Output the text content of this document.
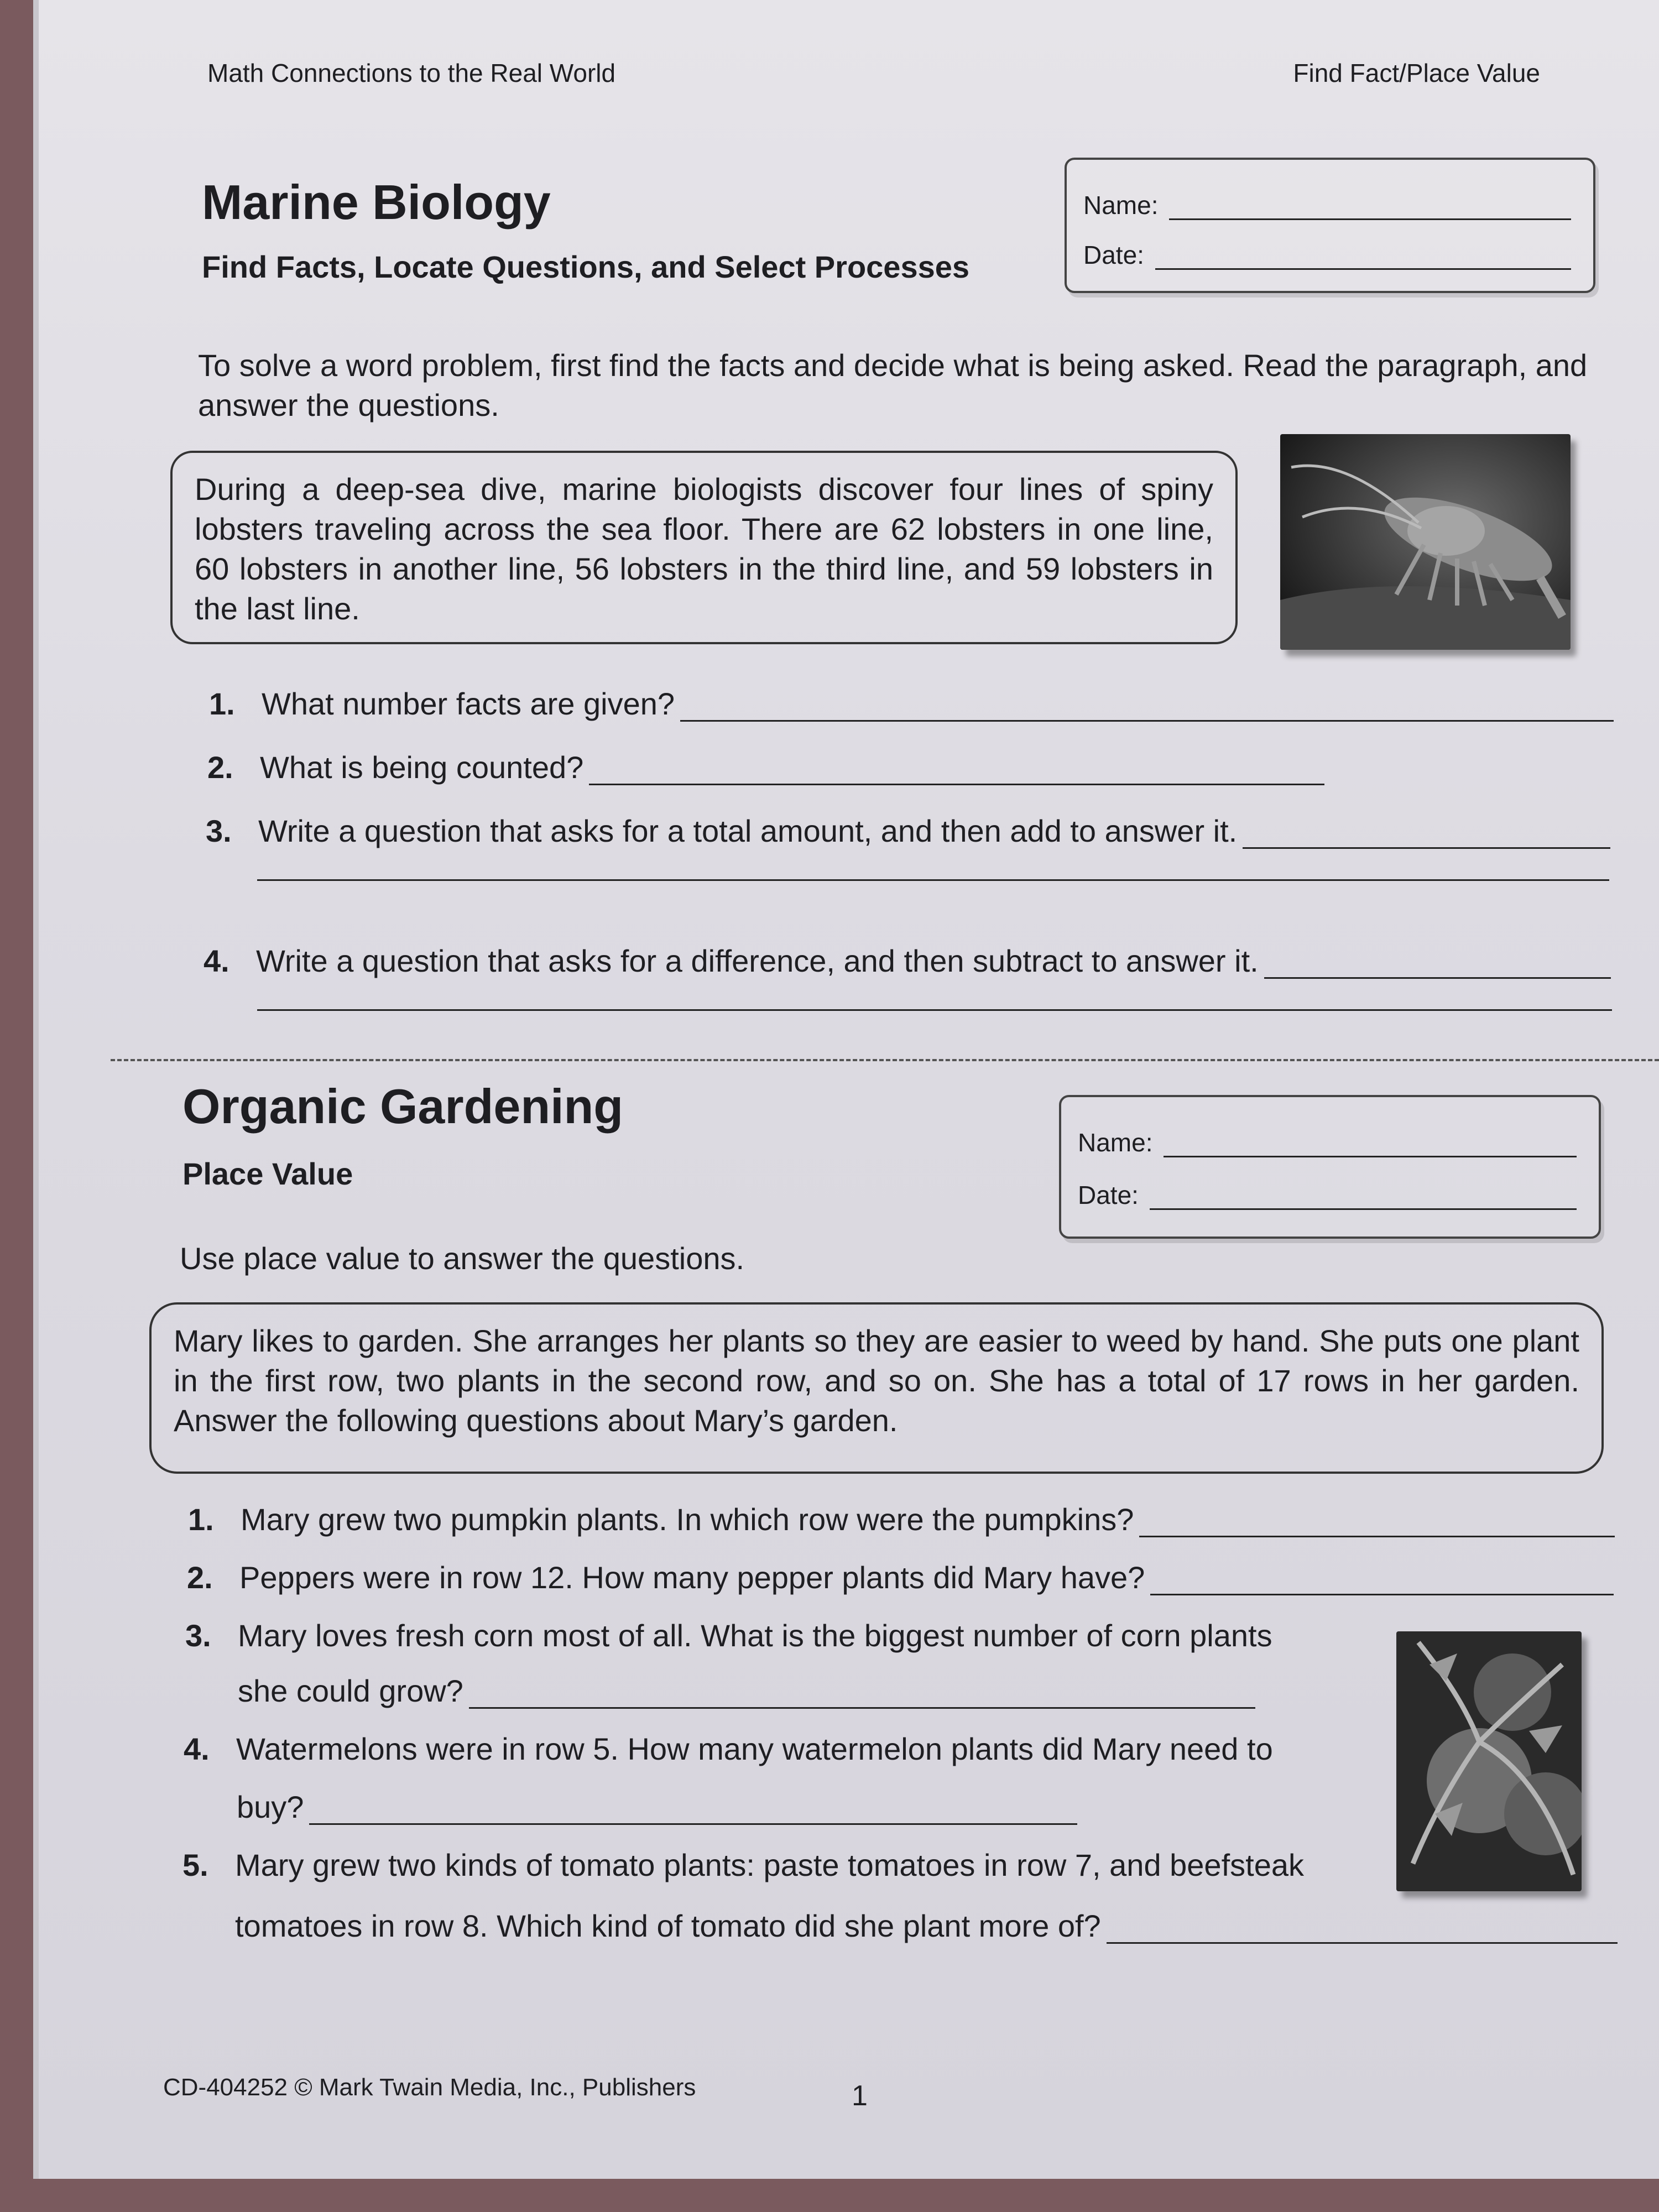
Math Connections to the Real World	Find Fact/Place Value
Marine Biology
Find Facts, Locate Questions, and Select Processes
Name:
Date:
To solve a word problem, first find the facts and decide what is being asked. Read the paragraph, and answer the questions.
During a deep-sea dive, marine biologists discover four lines of spiny lobsters traveling across the sea floor. There are 62 lobsters in one line, 60 lobsters in another line, 56 lobsters in the third line, and 59 lobsters in the last line.
1. What number facts are given?
2. What is being counted?
3. Write a question that asks for a total amount, and then add to answer it.
4. Write a question that asks for a difference, and then subtract to answer it.
Organic Gardening
Place Value
Name:
Date:
Use place value to answer the questions.
Mary likes to garden. She arranges her plants so they are easier to weed by hand. She puts one plant in the first row, two plants in the second row, and so on. She has a total of 17 rows in her garden. Answer the following questions about Mary’s garden.
1. Mary grew two pumpkin plants. In which row were the pumpkins?
2. Peppers were in row 12. How many pepper plants did Mary have?
3. Mary loves fresh corn most of all. What is the biggest number of corn plants
she could grow?
4. Watermelons were in row 5. How many watermelon plants did Mary need to
buy?
5. Mary grew two kinds of tomato plants: paste tomatoes in row 7, and beefsteak
tomatoes in row 8. Which kind of tomato did she plant more of?
CD-404252 © Mark Twain Media, Inc., Publishers	1
